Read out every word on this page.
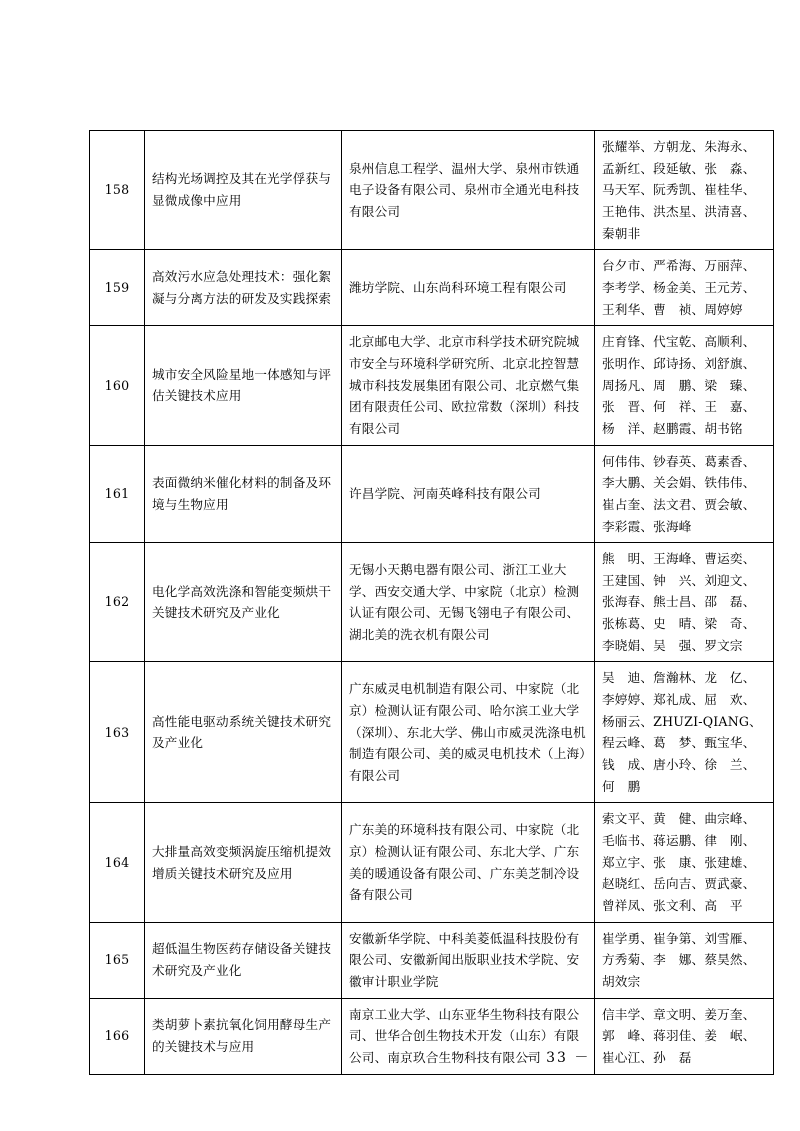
158	结构光场调控及其在光学俘获与显微成像中应用	泉州信息工程学、温州大学、泉州市铁通电子设备有限公司、泉州市全通光电科技有限公司	张耀举、方朝龙、朱海永、孟新红、段延敏、张　淼、马天军、阮秀凯、崔桂华、王艳伟、洪杰星、洪清喜、秦朝非

159	高效污水应急处理技术：强化絮凝与分离方法的研发及实践探索	潍坊学院、山东尚科环境工程有限公司	台夕市、严希海、万丽萍、李考学、杨金美、王元芳、王利华、曹　祯、周婷婷

160	城市安全风险星地一体感知与评估关键技术应用	北京邮电大学、北京市科学技术研究院城市安全与环境科学研究所、北京北控智慧城市科技发展集团有限公司、北京燃气集团有限责任公司、欧拉常数（深圳）科技有限公司	庄育锋、代宝乾、高顺利、张明作、邱诗扬、刘舒旗、周扬凡、周　鹏、梁　臻、张　晋、何　祥、王　嘉、杨　洋、赵鹏霞、胡书铭

161	表面微纳米催化材料的制备及环境与生物应用	许昌学院、河南英峰科技有限公司	何伟伟、钞春英、葛素香、李大鹏、关会娟、铁伟伟、崔占奎、法文君、贾会敏、李彩霞、张海峰

162	电化学高效洗涤和智能变频烘干关键技术研究及产业化	无锡小天鹅电器有限公司、浙江工业大学、西安交通大学、中家院（北京）检测认证有限公司、无锡飞翎电子有限公司、湖北美的洗衣机有限公司	熊　明、王海峰、曹运奕、王建国、钟　兴、刘迎文、张海春、熊士昌、邵　磊、张栋葛、史　晴、梁　奇、李晓娟、吴　强、罗文宗

163	高性能电驱动系统关键技术研究及产业化	广东威灵电机制造有限公司、中家院（北京）检测认证有限公司、哈尔滨工业大学（深圳）、东北大学、佛山市威灵洗涤电机制造有限公司、美的威灵电机技术（上海）有限公司	吴　迪、詹瀚林、龙　亿、李婷婷、郑礼成、屈　欢、杨丽云、ZHUZI-QIANG、程云峰、葛　梦、甄宝华、钱　成、唐小玲、徐　兰、何　鹏

164	大排量高效变频涡旋压缩机提效增质关键技术研究及应用	广东美的环境科技有限公司、中家院（北京）检测认证有限公司、东北大学、广东美的暖通设备有限公司、广东美芝制冷设备有限公司	索文平、黄　健、曲宗峰、毛临书、蒋运鹏、律　刚、郑立宇、张　康、张建雄、赵晓红、岳向吉、贾武豪、曾祥凤、张文利、高　平

165	超低温生物医药存储设备关键技术研究及产业化	安徽新华学院、中科美菱低温科技股份有限公司、安徽新闻出版职业技术学院、安徽审计职业学院	崔学勇、崔争第、刘雪雁、方秀菊、李　娜、蔡昊然、胡效宗

166	类胡萝卜素抗氧化饲用酵母生产的关键技术与应用	南京工业大学、山东亚华生物科技有限公司、世华合创生物技术开发（山东）有限公司、南京玖合生物科技有限公司	信丰学、章文明、姜万奎、郭　峰、蒋羽佳、姜　岷、崔心江、孙　磊
－ 33 －
